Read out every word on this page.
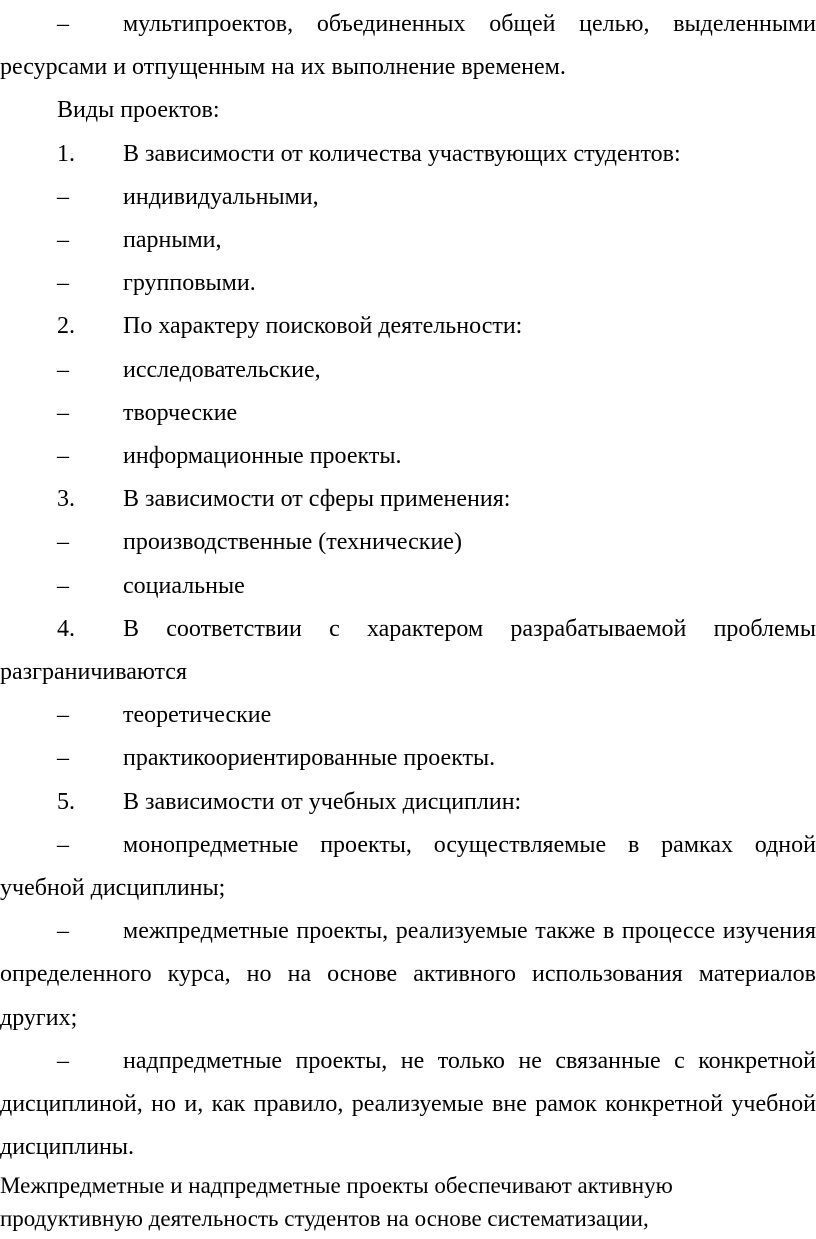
– мультипроектов, объединенных общей целью, выделенными
ресурсами и отпущенным на их выполнение временем.
Виды проектов:
1. В зависимости от количества участвующих студентов:
– индивидуальными,
– парными,
– групповыми.
2. По характеру поисковой деятельности:
– исследовательские,
– творческие
– информационные проекты.
3. В зависимости от сферы применения:
– производственные (технические)
– социальные
4. В соответствии с характером разрабатываемой проблемы
разграничиваются
– теоретические
– практикоориентированные проекты.
5. В зависимости от учебных дисциплин:
– монопредметные проекты, осуществляемые в рамках одной
учебной дисциплины;
– межпредметные проекты, реализуемые также в процессе изучения
определенного курса, но на основе активного использования материалов
других;
– надпредметные проекты, не только не связанные с конкретной
дисциплиной, но и, как правило, реализуемые вне рамок конкретной учебной
дисциплины.
Межпредметные и надпредметные проекты обеспечивают активную
продуктивную деятельность студентов на основе систематизации,
